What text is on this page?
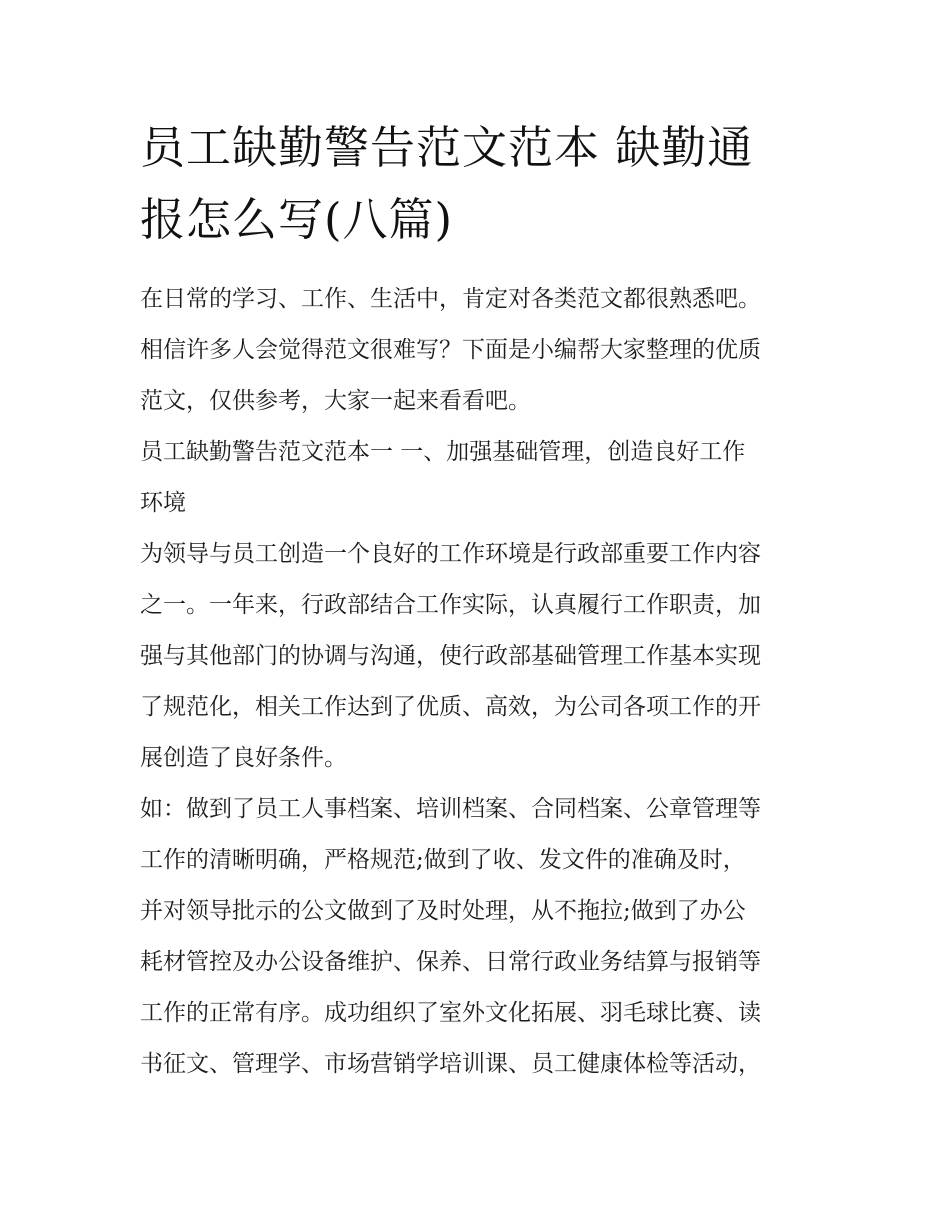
员工缺勤警告范文范本 缺勤通
报怎么写(八篇)

在日常的学习、工作、生活中，肯定对各类范文都很熟悉吧。
相信许多人会觉得范文很难写？下面是小编帮大家整理的优质
范文，仅供参考，大家一起来看看吧。

员工缺勤警告范文范本一 一、加强基础管理，创造良好工作
环境

为领导与员工创造一个良好的工作环境是行政部重要工作内容
之一。一年来，行政部结合工作实际，认真履行工作职责，加
强与其他部门的协调与沟通，使行政部基础管理工作基本实现
了规范化，相关工作达到了优质、高效，为公司各项工作的开
展创造了良好条件。

如：做到了员工人事档案、培训档案、合同档案、公章管理等
工作的清晰明确，严格规范;做到了收、发文件的准确及时，
并对领导批示的公文做到了及时处理，从不拖拉;做到了办公
耗材管控及办公设备维护、保养、日常行政业务结算与报销等
工作的正常有序。成功组织了室外文化拓展、羽毛球比赛、读
书征文、管理学、市场营销学培训课、员工健康体检等活动，
